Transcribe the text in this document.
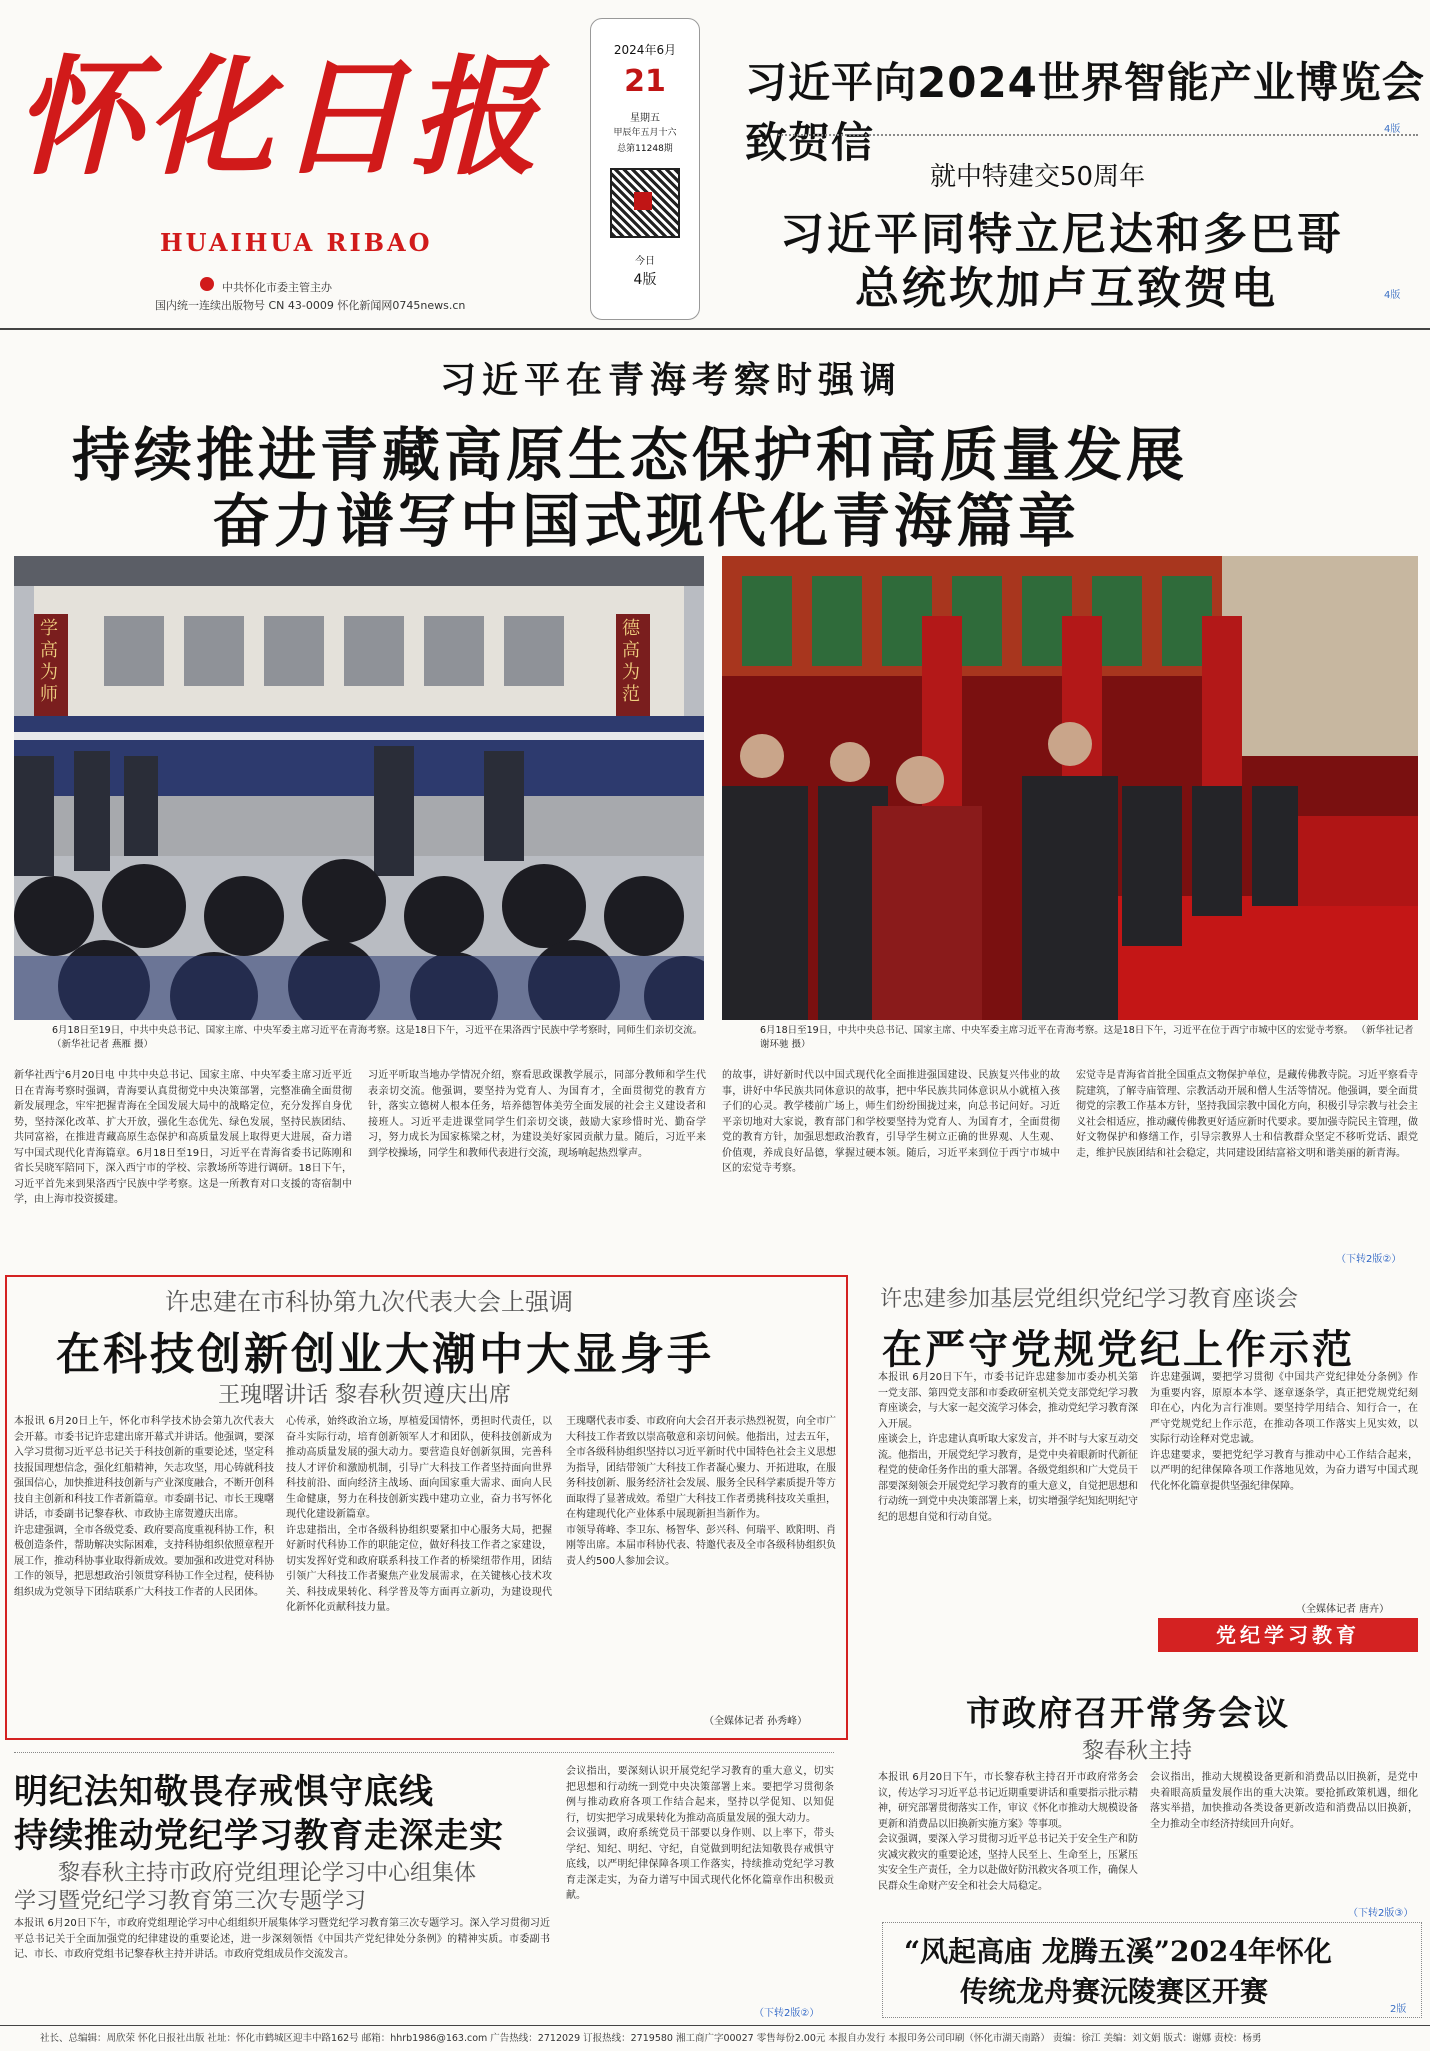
怀化日报
HUAIHUA RIBAO
中共怀化市委主管主办
国内统一连续出版物号 CN 43-0009 怀化新闻网0745news.cn
2024年6月
21
星期五
甲辰年五月十六
总第11248期
今日
4版
习近平向2024世界智能产业博览会致贺信	4版
就中特建交50周年
习近平同特立尼达和多巴哥
总统坎加卢互致贺电	4版
习近平在青海考察时强调
持续推进青藏高原生态保护和高质量发展
奋力谱写中国式现代化青海篇章
学高为师
德高为范
6月18日至19日，中共中央总书记、国家主席、中央军委主席习近平在青海考察。这是18日下午，习近平在果洛西宁民族中学考察时，同师生们亲切交流。 （新华社记者 燕雁 摄）
6月18日至19日，中共中央总书记、国家主席、中央军委主席习近平在青海考察。这是18日下午，习近平在位于西宁市城中区的宏觉寺考察。 （新华社记者 谢环驰 摄）
新华社西宁6月20日电 中共中央总书记、国家主席、中央军委主席习近平近日在青海考察时强调，青海要认真贯彻党中央决策部署，完整准确全面贯彻新发展理念，牢牢把握青海在全国发展大局中的战略定位，充分发挥自身优势，坚持深化改革、扩大开放，强化生态优先、绿色发展，坚持民族团结、共同富裕，在推进青藏高原生态保护和高质量发展上取得更大进展，奋力谱写中国式现代化青海篇章。6月18日至19日，习近平在青海省委书记陈刚和省长吴晓军陪同下，深入西宁市的学校、宗教场所等进行调研。18日下午，习近平首先来到果洛西宁民族中学考察。这是一所教育对口支援的寄宿制中学，由上海市投资援建。
习近平听取当地办学情况介绍，察看思政课教学展示，同部分教师和学生代表亲切交流。他强调，要坚持为党育人、为国育才，全面贯彻党的教育方针，落实立德树人根本任务，培养德智体美劳全面发展的社会主义建设者和接班人。习近平走进课堂同学生们亲切交谈，鼓励大家珍惜时光、勤奋学习，努力成长为国家栋梁之材，为建设美好家园贡献力量。随后，习近平来到学校操场，同学生和教师代表进行交流，现场响起热烈掌声。
的故事，讲好新时代以中国式现代化全面推进强国建设、民族复兴伟业的故事，讲好中华民族共同体意识的故事，把中华民族共同体意识从小就植入孩子们的心灵。教学楼前广场上，师生们纷纷围拢过来，向总书记问好。习近平亲切地对大家说，教育部门和学校要坚持为党育人、为国育才，全面贯彻党的教育方针，加强思想政治教育，引导学生树立正确的世界观、人生观、价值观，养成良好品德，掌握过硬本领。随后，习近平来到位于西宁市城中区的宏觉寺考察。
宏觉寺是青海省首批全国重点文物保护单位，是藏传佛教寺院。习近平察看寺院建筑，了解寺庙管理、宗教活动开展和僧人生活等情况。他强调，要全面贯彻党的宗教工作基本方针，坚持我国宗教中国化方向，积极引导宗教与社会主义社会相适应，推动藏传佛教更好适应新时代要求。要加强寺院民主管理，做好文物保护和修缮工作，引导宗教界人士和信教群众坚定不移听党话、跟党走，维护民族团结和社会稳定，共同建设团结富裕文明和谐美丽的新青海。
（下转2版②）
许忠建在市科协第九次代表大会上强调
在科技创新创业大潮中大显身手
王瑰曙讲话 黎春秋贺遵庆出席
本报讯 6月20日上午，怀化市科学技术协会第九次代表大会开幕。市委书记许忠建出席开幕式并讲话。他强调，要深入学习贯彻习近平总书记关于科技创新的重要论述，坚定科技报国理想信念，强化红船精神，矢志攻坚，用心铸就科技强国信心，加快推进科技创新与产业深度融合，不断开创科技自主创新和科技工作者新篇章。市委副书记、市长王瑰曙讲话，市委副书记黎春秋、市政协主席贺遵庆出席。
许忠建强调，全市各级党委、政府要高度重视科协工作，积极创造条件，帮助解决实际困难，支持科协组织依照章程开展工作，推动科协事业取得新成效。要加强和改进党对科协工作的领导，把思想政治引领贯穿科协工作全过程，使科协组织成为党领导下团结联系广大科技工作者的人民团体。
心传承，始终政治立场，厚植爱国情怀，勇担时代责任，以奋斗实际行动，培育创新领军人才和团队，使科技创新成为推动高质量发展的强大动力。要营造良好创新氛围，完善科技人才评价和激励机制，引导广大科技工作者坚持面向世界科技前沿、面向经济主战场、面向国家重大需求、面向人民生命健康，努力在科技创新实践中建功立业，奋力书写怀化现代化建设新篇章。
许忠建指出，全市各级科协组织要紧扣中心服务大局，把握好新时代科协工作的职能定位，做好科技工作者之家建设，切实发挥好党和政府联系科技工作者的桥梁纽带作用，团结引领广大科技工作者聚焦产业发展需求，在关键核心技术攻关、科技成果转化、科学普及等方面再立新功，为建设现代化新怀化贡献科技力量。
王瑰曙代表市委、市政府向大会召开表示热烈祝贺，向全市广大科技工作者致以崇高敬意和亲切问候。他指出，过去五年，全市各级科协组织坚持以习近平新时代中国特色社会主义思想为指导，团结带领广大科技工作者凝心聚力、开拓进取，在服务科技创新、服务经济社会发展、服务全民科学素质提升等方面取得了显著成效。希望广大科技工作者勇挑科技攻关重担，在构建现代化产业体系中展现新担当新作为。
市领导蒋峰、李卫东、杨智华、彭兴科、何瑞平、欧阳明、肖刚等出席。本届市科协代表、特邀代表及全市各级科协组织负责人约500人参加会议。
（全媒体记者 孙秀峰）
许忠建参加基层党组织党纪学习教育座谈会
在严守党规党纪上作示范
本报讯 6月20日下午，市委书记许忠建参加市委办机关第一党支部、第四党支部和市委政研室机关党支部党纪学习教育座谈会，与大家一起交流学习体会，推动党纪学习教育深入开展。
座谈会上，许忠建认真听取大家发言，并不时与大家互动交流。他指出，开展党纪学习教育，是党中央着眼新时代新征程党的使命任务作出的重大部署。各级党组织和广大党员干部要深刻领会开展党纪学习教育的重大意义，自觉把思想和行动统一到党中央决策部署上来，切实增强学纪知纪明纪守纪的思想自觉和行动自觉。
许忠建强调，要把学习贯彻《中国共产党纪律处分条例》作为重要内容，原原本本学、逐章逐条学，真正把党规党纪刻印在心，内化为言行准则。要坚持学用结合、知行合一，在严守党规党纪上作示范，在推动各项工作落实上见实效，以实际行动诠释对党忠诚。
许忠建要求，要把党纪学习教育与推动中心工作结合起来，以严明的纪律保障各项工作落地见效，为奋力谱写中国式现代化怀化篇章提供坚强纪律保障。
（全媒体记者 唐卉）
党纪学习教育
市政府召开常务会议
黎春秋主持
本报讯 6月20日下午，市长黎春秋主持召开市政府常务会议，传达学习习近平总书记近期重要讲话和重要指示批示精神，研究部署贯彻落实工作，审议《怀化市推动大规模设备更新和消费品以旧换新实施方案》等事项。
会议强调，要深入学习贯彻习近平总书记关于安全生产和防灾减灾救灾的重要论述，坚持人民至上、生命至上，压紧压实安全生产责任，全力以赴做好防汛救灾各项工作，确保人民群众生命财产安全和社会大局稳定。
会议指出，推动大规模设备更新和消费品以旧换新，是党中央着眼高质量发展作出的重大决策。要抢抓政策机遇，细化落实举措，加快推动各类设备更新改造和消费品以旧换新，全力推动全市经济持续回升向好。
（下转2版③）
明纪法知敬畏存戒惧守底线
持续推动党纪学习教育走深走实
黎春秋主持市政府党组理论学习中心组集体
学习暨党纪学习教育第三次专题学习
本报讯 6月20日下午，市政府党组理论学习中心组组织开展集体学习暨党纪学习教育第三次专题学习。深入学习贯彻习近平总书记关于全面加强党的纪律建设的重要论述，进一步深刻领悟《中国共产党纪律处分条例》的精神实质。市委副书记、市长、市政府党组书记黎春秋主持并讲话。市政府党组成员作交流发言。
会议指出，要深刻认识开展党纪学习教育的重大意义，切实把思想和行动统一到党中央决策部署上来。要把学习贯彻条例与推动政府各项工作结合起来，坚持以学促知、以知促行，切实把学习成果转化为推动高质量发展的强大动力。
会议强调，政府系统党员干部要以身作则、以上率下，带头学纪、知纪、明纪、守纪，自觉做到明纪法知敬畏存戒惧守底线，以严明纪律保障各项工作落实，持续推动党纪学习教育走深走实，为奋力谱写中国式现代化怀化篇章作出积极贡献。
（下转2版②）
“风起高庙 龙腾五溪”2024年怀化
传统龙舟赛沅陵赛区开赛
2版
社长、总编辑：周欣荣 怀化日报社出版 社址：怀化市鹤城区迎丰中路162号 邮箱：hhrb1986@163.com 广告热线：2712029 订报热线：2719580 湘工商广字00027 零售每份2.00元 本报自办发行 本报印务公司印刷（怀化市湖天南路） 责编：徐江 美编：刘文娟 版式：谢娜 责校：杨勇
